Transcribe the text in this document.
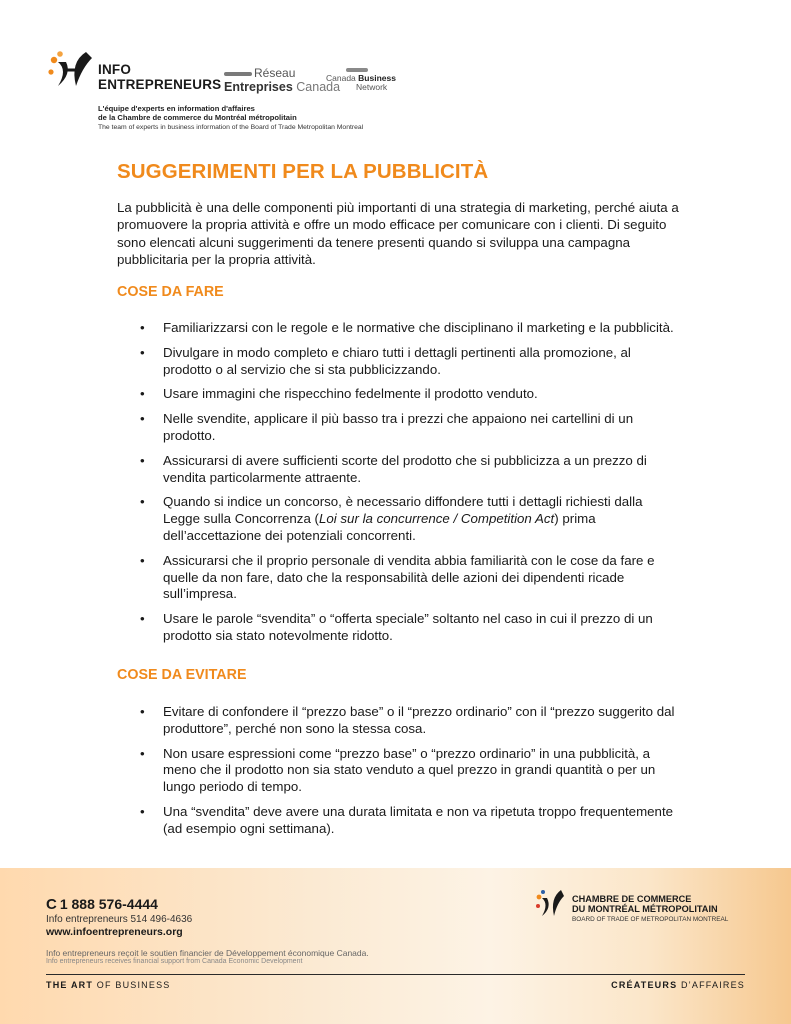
INFO
ENTREPRENEURS
Réseau
Entreprises Canada
Canada Business
Network
L'équipe d'experts en information d'affaires
de la Chambre de commerce du Montréal métropolitain
The team of experts in business information of the Board of Trade Metropolitan Montreal
SUGGERIMENTI PER LA PUBBLICITÀ

La pubblicità è una delle componenti più importanti di una strategia di marketing, perché aiuta a promuovere la propria attività e offre un modo efficace per comunicare con i clienti. Di seguito sono elencati alcuni suggerimenti da tenere presenti quando si sviluppa una campagna pubblicitaria per la propria attività.

COSE DA FARE
• Familiarizzarsi con le regole e le normative che disciplinano il marketing e la pubblicità.
• Divulgare in modo completo e chiaro tutti i dettagli pertinenti alla promozione, al prodotto o al servizio che si sta pubblicizzando.
• Usare immagini che rispecchino fedelmente il prodotto venduto.
• Nelle svendite, applicare il più basso tra i prezzi che appaiono nei cartellini di un prodotto.
• Assicurarsi di avere sufficienti scorte del prodotto che si pubblicizza a un prezzo di vendita particolarmente attraente.
• Quando si indice un concorso, è necessario diffondere tutti i dettagli richiesti dalla Legge sulla Concorrenza (Loi sur la concurrence / Competition Act) prima dell’accettazione dei potenziali concorrenti.
• Assicurarsi che il proprio personale di vendita abbia familiarità con le cose da fare e quelle da non fare, dato che la responsabilità delle azioni dei dipendenti ricade sull’impresa.
• Usare le parole “svendita” o “offerta speciale” soltanto nel caso in cui il prezzo di un prodotto sia stato notevolmente ridotto.
COSE DA EVITARE
• Evitare di confondere il “prezzo base” o il “prezzo ordinario” con il “prezzo suggerito dal produttore”, perché non sono la stessa cosa.
• Non usare espressioni come “prezzo base” o “prezzo ordinario” in una pubblicità, a meno che il prodotto non sia stato venduto a quel prezzo in grandi quantità o per un lungo periodo di tempo.
• Una “svendita” deve avere una durata limitata e non va ripetuta troppo frequentemente (ad esempio ogni settimana).
C 1 888 576-4444
Info entrepreneurs 514 496-4636
www.infoentrepreneurs.org
Info entrepreneurs reçoit le soutien financier de Développement économique Canada.
Info entrepreneurs receives financial support from Canada Economic Development
CHAMBRE DE COMMERCE
DU MONTRÉAL MÉTROPOLITAIN
BOARD OF TRADE OF METROPOLITAN MONTREAL
THE ART OF BUSINESS	CRÉATEURS D’AFFAIRES
